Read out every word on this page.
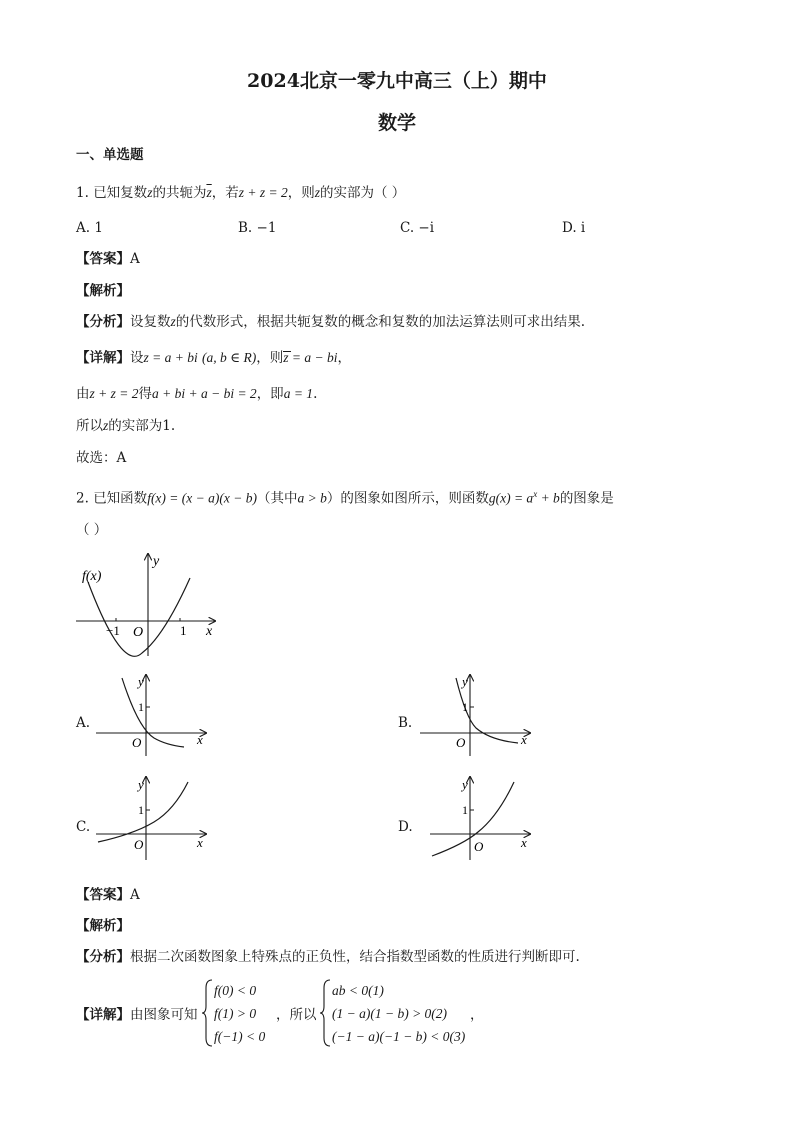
2024北京一零九中高三（上）期中
数学
一、单选题
1. 已知复数z的共轭为$\overline{z}$，若z + z = 2，则z的实部为（ ）
A. 1	B. −1	C. −i	D. i
【答案】A
【解析】
【分析】设复数z的代数形式，根据共轭复数的概念和复数的加法运算法则可求出结果.
【详解】设z = a + bi (a, b ∈ R)，则z = a − bi，
由z + z = 2得a + bi + a − bi = 2，即a = 1.
所以z的实部为1.
故选：A
2. 已知函数f(x) = (x − a)(x − b)（其中a > b）的图象如图所示，则函数$g(x) = a^x + b$的图象是
（ ）
f(x)
y
x
O
−1	1
A.
y
1
x
O
B.
y
1
x
O
C.
y
1
x
O
D.
y
1
x
O
【答案】A
【解析】
【分析】根据二次函数图象上特殊点的正负性，结合指数型函数的性质进行判断即可.
【详解】由图象可知
f(0) < 0
f(1) > 0 ，所以
f(−1) < 0
ab < 0(1)
(1 − a)(1 − b) > 0(2)
(−1 − a)(−1 − b) < 0(3)
，
